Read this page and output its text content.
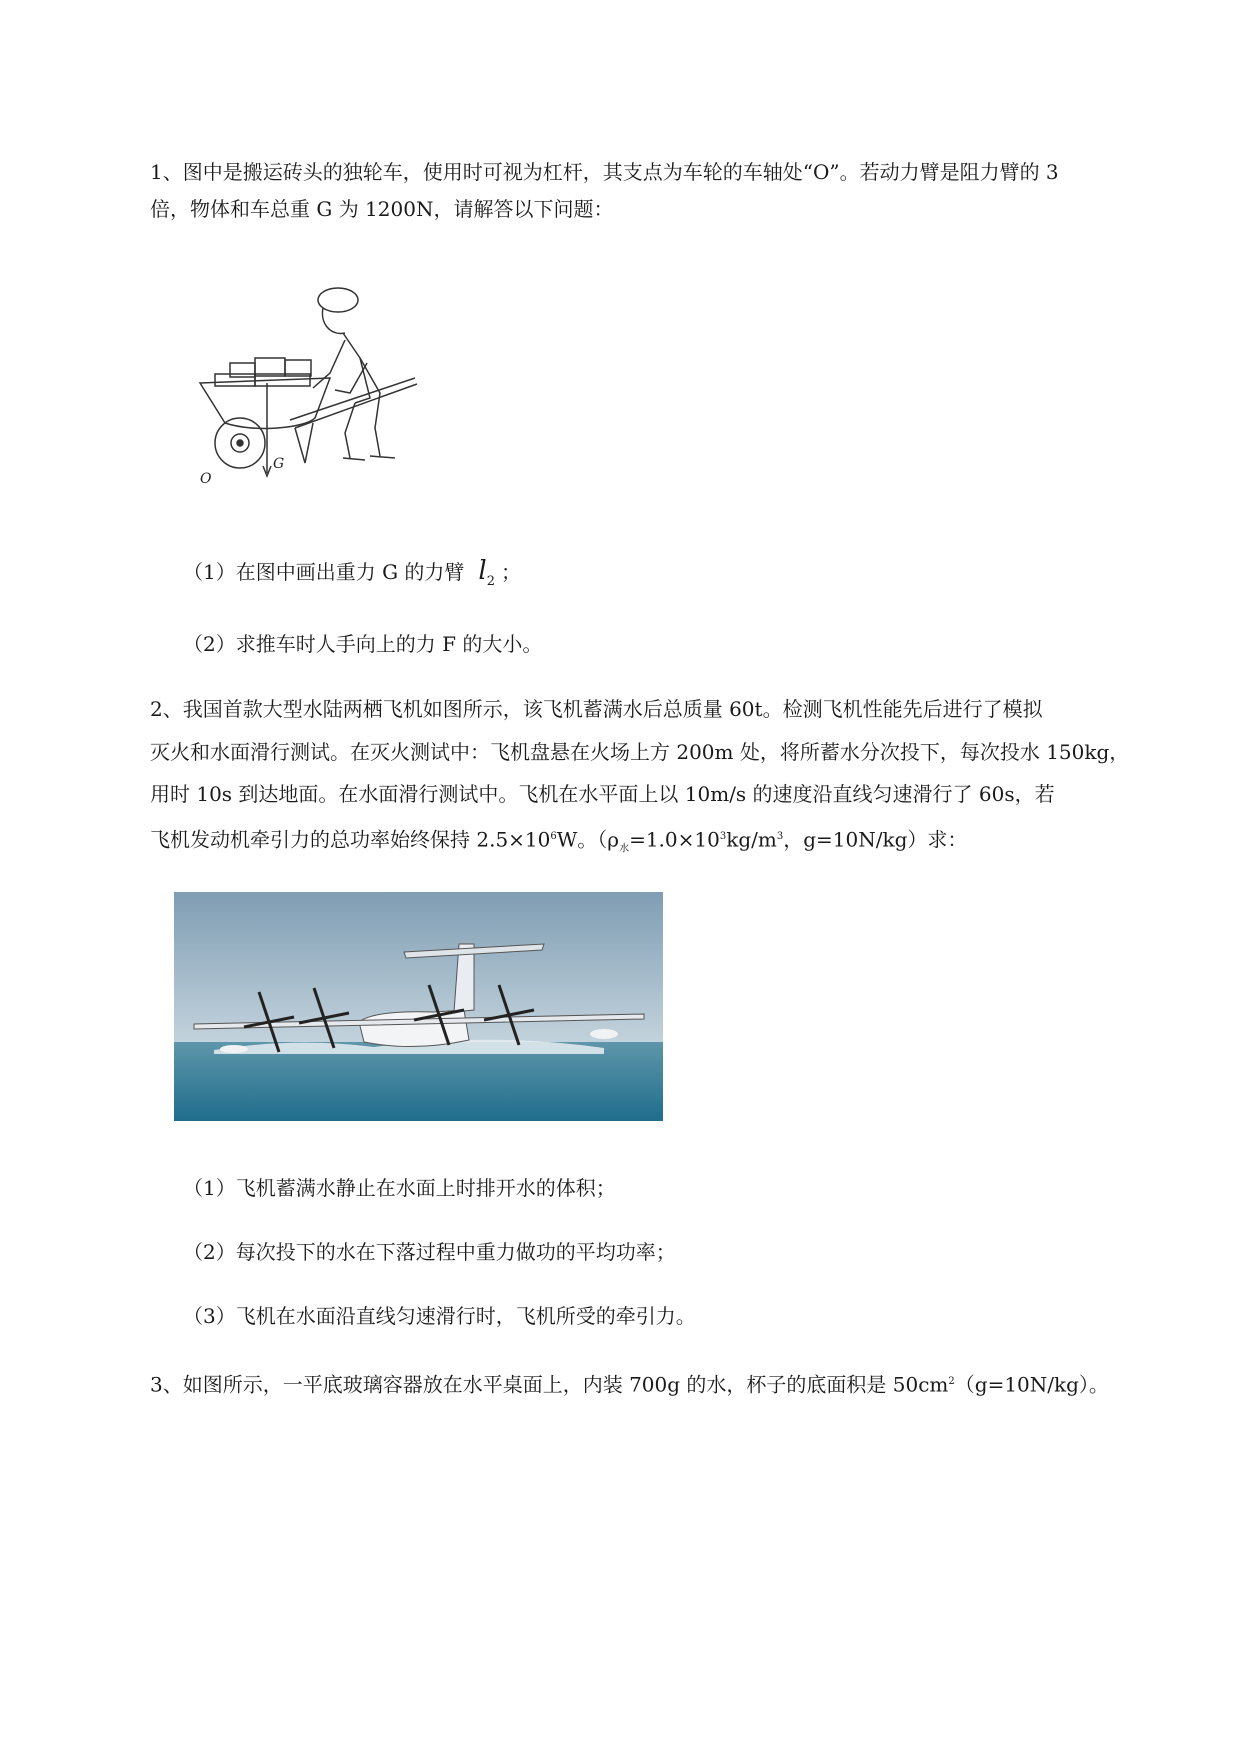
1、图中是搬运砖头的独轮车，使用时可视为杠杆，其支点为车轮的车轴处“O”。若动力臂是阻力臂的 3

倍，物体和车总重 G 为 1200N，请解答以下问题：

O
G
（1）在图中画出重力 G 的力臂 $l_2$ ；

（2）求推车时人手向上的力 F 的大小。

2、我国首款大型水陆两栖飞机如图所示，该飞机蓄满水后总质量 60t。检测飞机性能先后进行了模拟

灭火和水面滑行测试。在灭火测试中：飞机盘悬在火场上方 200m 处，将所蓄水分次投下，每次投水 150kg，

用时 10s 到达地面。在水面滑行测试中。飞机在水平面上以 10m/s 的速度沿直线匀速滑行了 60s，若

飞机发动机牵引力的总功率始终保持 $2.5\times 10^6W$。（$\rho_水=1.0\times 10^3kg/m^3$，g=10N/kg）求：

（1）飞机蓄满水静止在水面上时排开水的体积；

（2）每次投下的水在下落过程中重力做功的平均功率；

（3）飞机在水面沿直线匀速滑行时，飞机所受的牵引力。

3、如图所示，一平底玻璃容器放在水平桌面上，内装 700g 的水，杯子的底面积是 $50cm^2(g=10N/kg)$。
